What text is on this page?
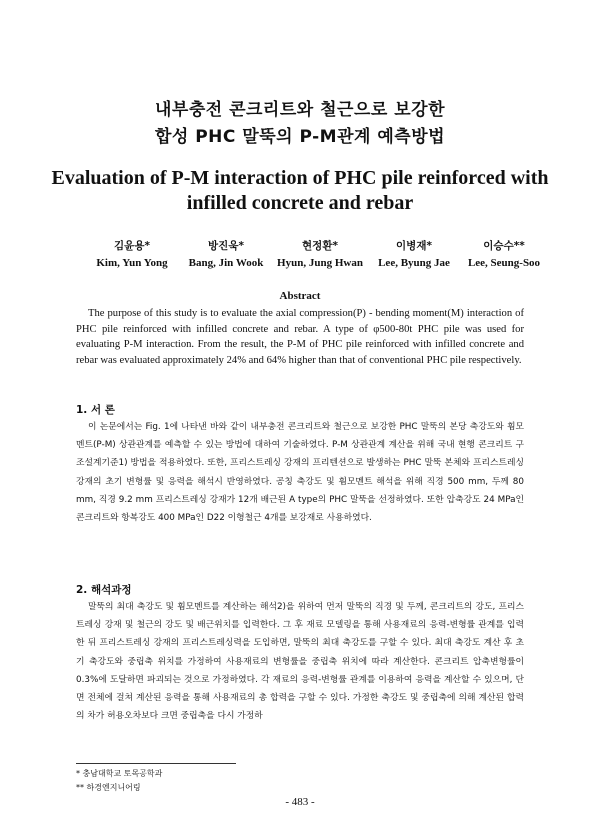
내부충전 콘크리트와 철근으로 보강한
합성 PHC 말뚝의 P-M관계 예측방법
Evaluation of P-M interaction of PHC pile reinforced with
infilled concrete and rebar
김윤용*
Kim, Yun Yong
방진욱*
Bang, Jin Wook
현정환*
Hyun, Jung Hwan
이병재*
Lee, Byung Jae
이승수**
Lee, Seung-Soo
Abstract

The purpose of this study is to evaluate the axial compression(P) - bending moment(M) interaction of PHC pile reinforced with infilled concrete and rebar. A type of φ500-80t PHC pile was used for evaluating P-M interaction. From the result, the P-M of PHC pile reinforced with infilled concrete and rebar was evaluated approximately 24% and 64% higher than that of conventional PHC pile respectively.

1. 서 론

이 논문에서는 Fig. 1에 나타낸 바와 같이 내부충전 콘크리트와 철근으로 보강한 PHC 말뚝의 본당 축강도와 휨모멘트(P-M) 상관관계를 예측할 수 있는 방법에 대하여 기술하였다. P-M 상관관계 계산을 위해 국내 현행 콘크리트 구조설계기준1) 방법을 적용하였다. 또한, 프리스트레싱 강재의 프리텐션으로 발생하는 PHC 말뚝 본체와 프리스트레싱 강재의 초기 변형률 및 응력을 해석시 반영하였다. 공칭 축강도 및 휨모멘트 해석을 위해 직경 500 mm, 두께 80 mm, 직경 9.2 mm 프리스트레싱 강재가 12개 배근된 A type의 PHC 말뚝을 선정하였다. 또한 압축강도 24 MPa인 콘크리트와 항복강도 400 MPa인 D22 이형철근 4개를 보강재로 사용하였다.

2. 해석과정

말뚝의 최대 축강도 및 휨모멘트를 계산하는 해석2)을 위하여 먼저 말뚝의 직경 및 두께, 콘크리트의 강도, 프리스트레싱 강재 및 철근의 강도 및 배근위치를 입력한다. 그 후 재료 모델링을 통해 사용재료의 응력-변형률 관계를 입력한 뒤 프리스트레싱 강재의 프리스트레싱력을 도입하면, 말뚝의 최대 축강도를 구할 수 있다. 최대 축강도 계산 후 초기 축강도와 중립축 위치를 가정하여 사용재료의 변형률을 중립축 위치에 따라 계산한다. 콘크리트 압축변형률이 0.3%에 도달하면 파괴되는 것으로 가정하였다. 각 재료의 응력-변형률 관계를 이용하여 응력을 계산할 수 있으며, 단면 전체에 걸쳐 계산된 응력을 통해 사용재료의 총 합력을 구할 수 있다. 가정한 축강도 및 중립축에 의해 계산된 합력의 차가 허용오차보다 크면 중립축을 다시 가정하

* 충남대학교 토목공학과
** 하경엔지니어링
- 483 -
